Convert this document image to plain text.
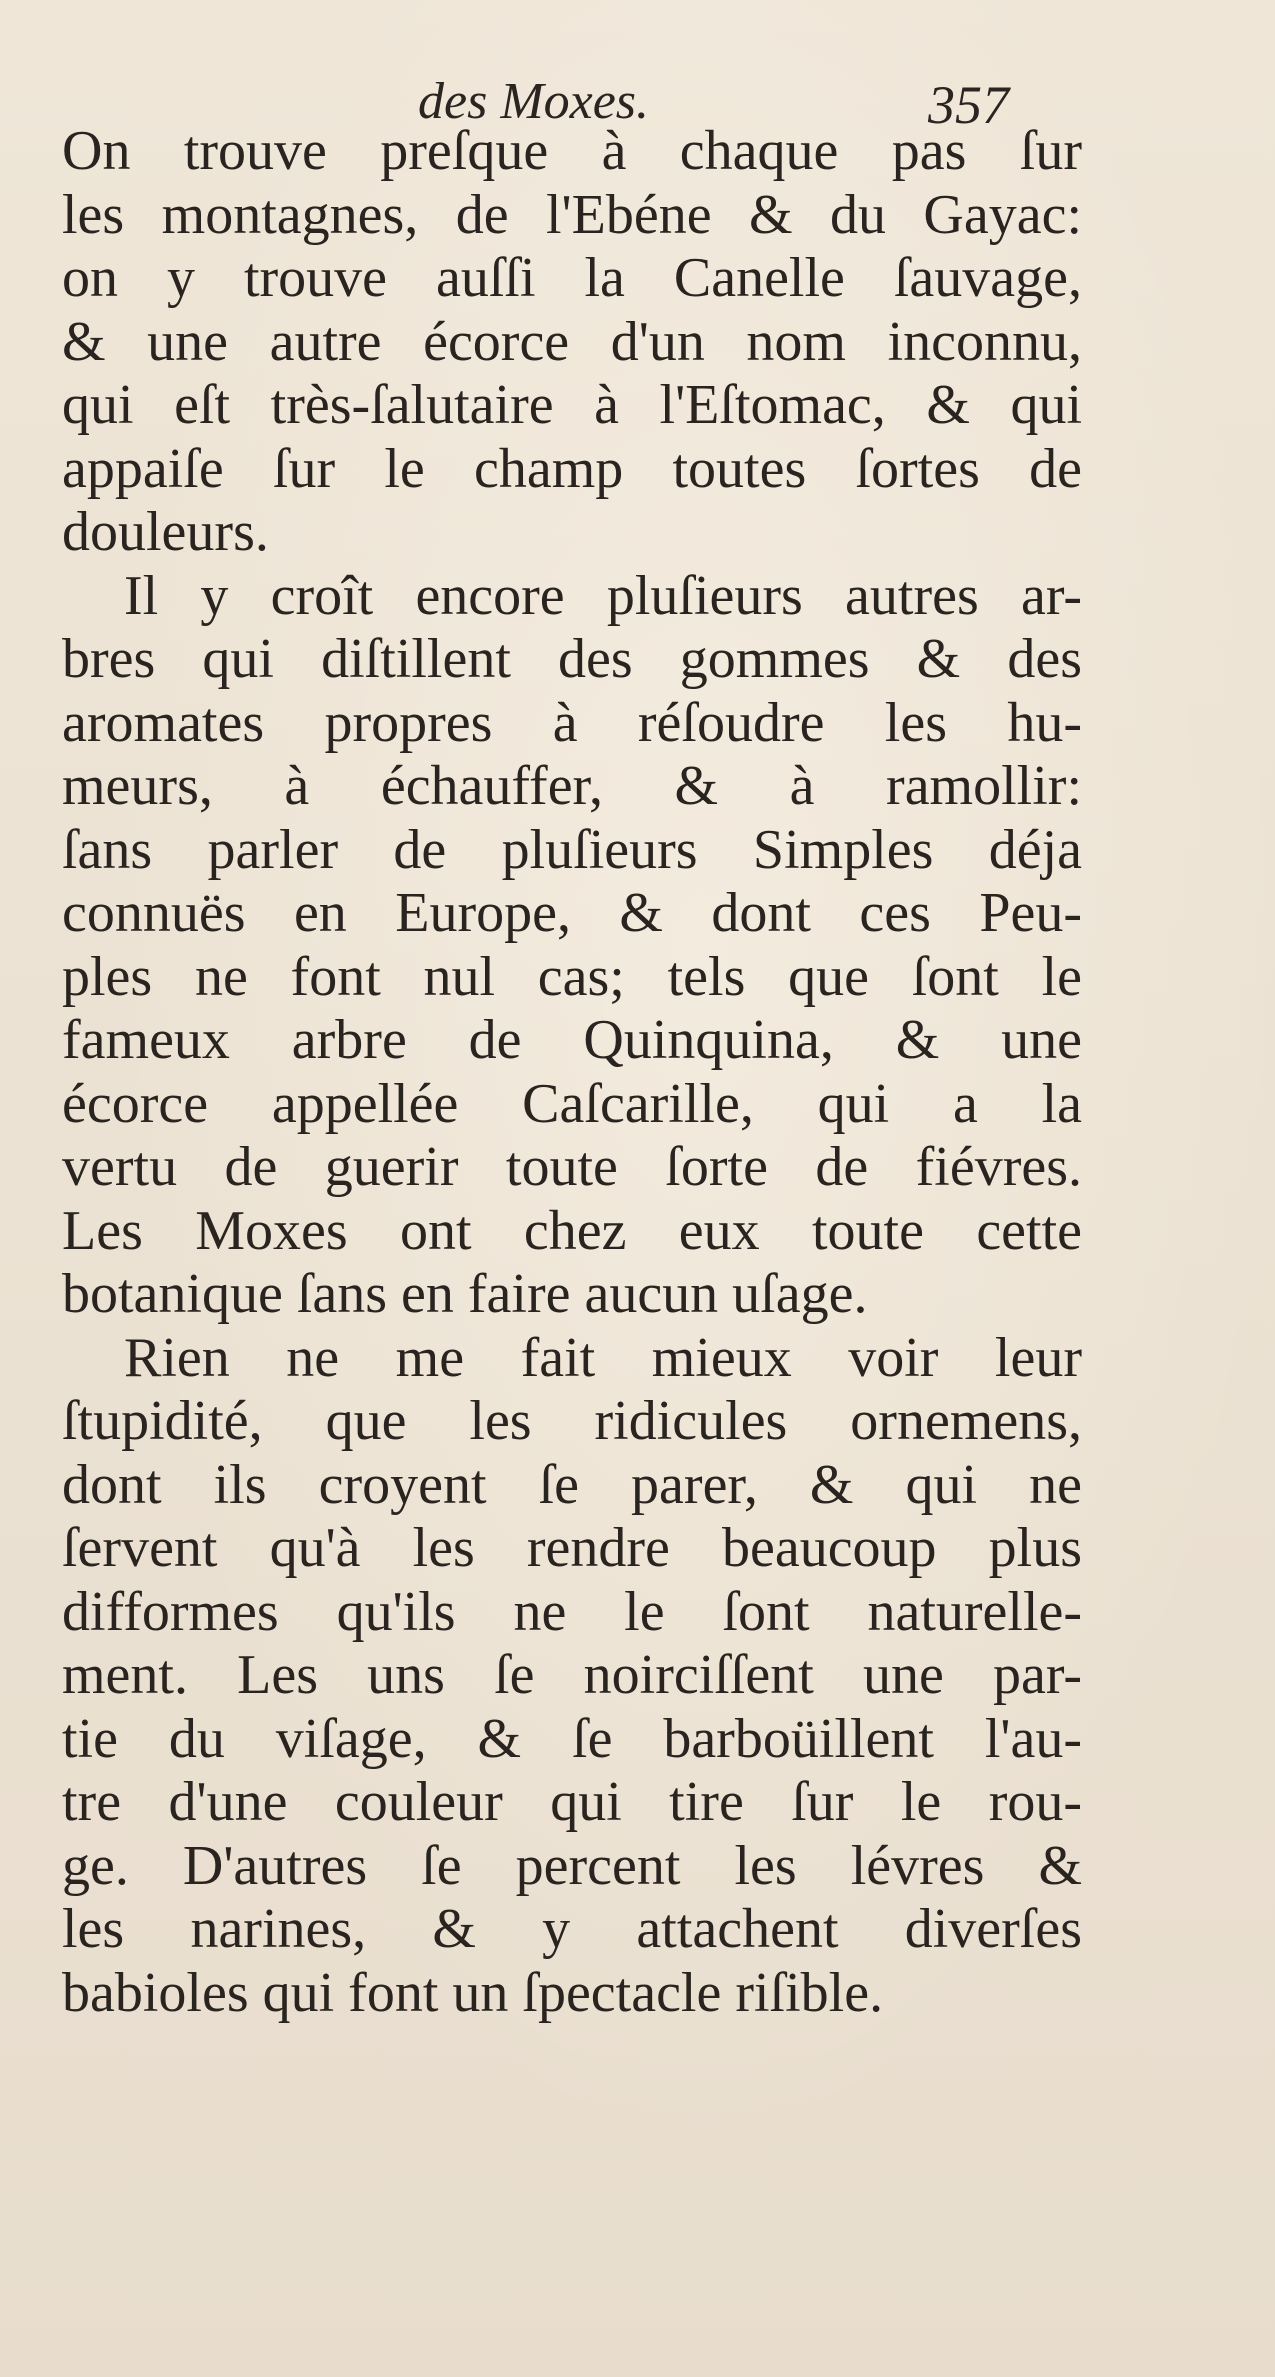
des Moxes.	357
On trouve preſque à chaque pas ſur
les montagnes, de l'Ebéne & du Gayac:
on y trouve auſſi la Canelle ſauvage,
& une autre écorce d'un nom inconnu,
qui eſt très-ſalutaire à l'Eſtomac, & qui
appaiſe ſur le champ toutes ſortes de
douleurs.
Il y croît encore pluſieurs autres ar-
bres qui diſtillent des gommes & des
aromates propres à réſoudre les hu-
meurs, à échauffer, & à ramollir:
ſans parler de pluſieurs Simples déja
connuës en Europe, & dont ces Peu-
ples ne font nul cas; tels que ſont le
fameux arbre de Quinquina, & une
écorce appellée Caſcarille, qui a la
vertu de guerir toute ſorte de fiévres.
Les Moxes ont chez eux toute cette
botanique ſans en faire aucun uſage.
Rien ne me fait mieux voir leur
ſtupidité, que les ridicules ornemens,
dont ils croyent ſe parer, & qui ne
ſervent qu'à les rendre beaucoup plus
difformes qu'ils ne le ſont naturelle-
ment. Les uns ſe noirciſſent une par-
tie du viſage, & ſe barboüillent l'au-
tre d'une couleur qui tire ſur le rou-
ge. D'autres ſe percent les lévres &
les narines, & y attachent diverſes
babioles qui font un ſpectacle riſible.
